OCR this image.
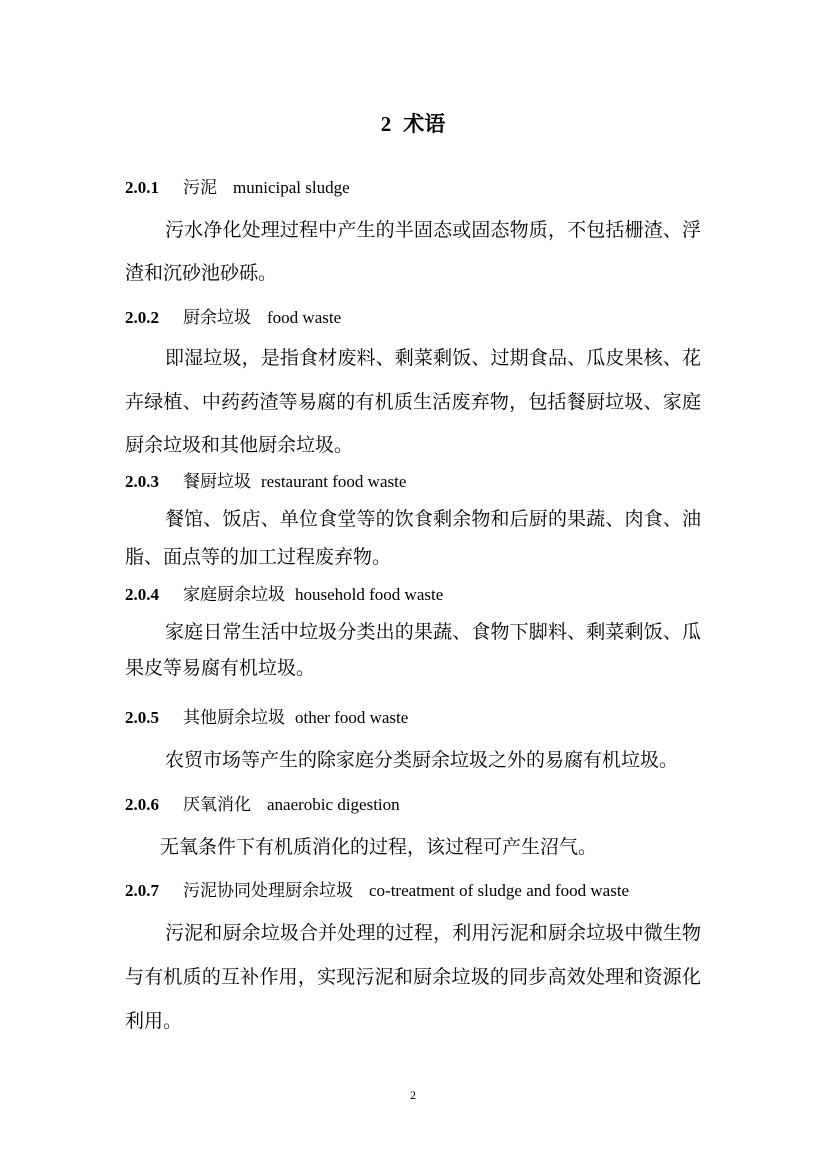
2 术语
2.0.1 污泥 municipal sludge
污水净化处理过程中产生的半固态或固态物质，不包括栅渣、浮
渣和沉砂池砂砾。
2.0.2 厨余垃圾 food waste
即湿垃圾，是指食材废料、剩菜剩饭、过期食品、瓜皮果核、花
卉绿植、中药药渣等易腐的有机质生活废弃物，包括餐厨垃圾、家庭
厨余垃圾和其他厨余垃圾。
2.0.3 餐厨垃圾 restaurant food waste
餐馆、饭店、单位食堂等的饮食剩余物和后厨的果蔬、肉食、油
脂、面点等的加工过程废弃物。
2.0.4 家庭厨余垃圾 household food waste
家庭日常生活中垃圾分类出的果蔬、食物下脚料、剩菜剩饭、瓜
果皮等易腐有机垃圾。
2.0.5 其他厨余垃圾 other food waste
农贸市场等产生的除家庭分类厨余垃圾之外的易腐有机垃圾。
2.0.6 厌氧消化 anaerobic digestion
无氧条件下有机质消化的过程，该过程可产生沼气。
2.0.7 污泥协同处理厨余垃圾 co-treatment of sludge and food waste
污泥和厨余垃圾合并处理的过程，利用污泥和厨余垃圾中微生物
与有机质的互补作用，实现污泥和厨余垃圾的同步高效处理和资源化
利用。
2
